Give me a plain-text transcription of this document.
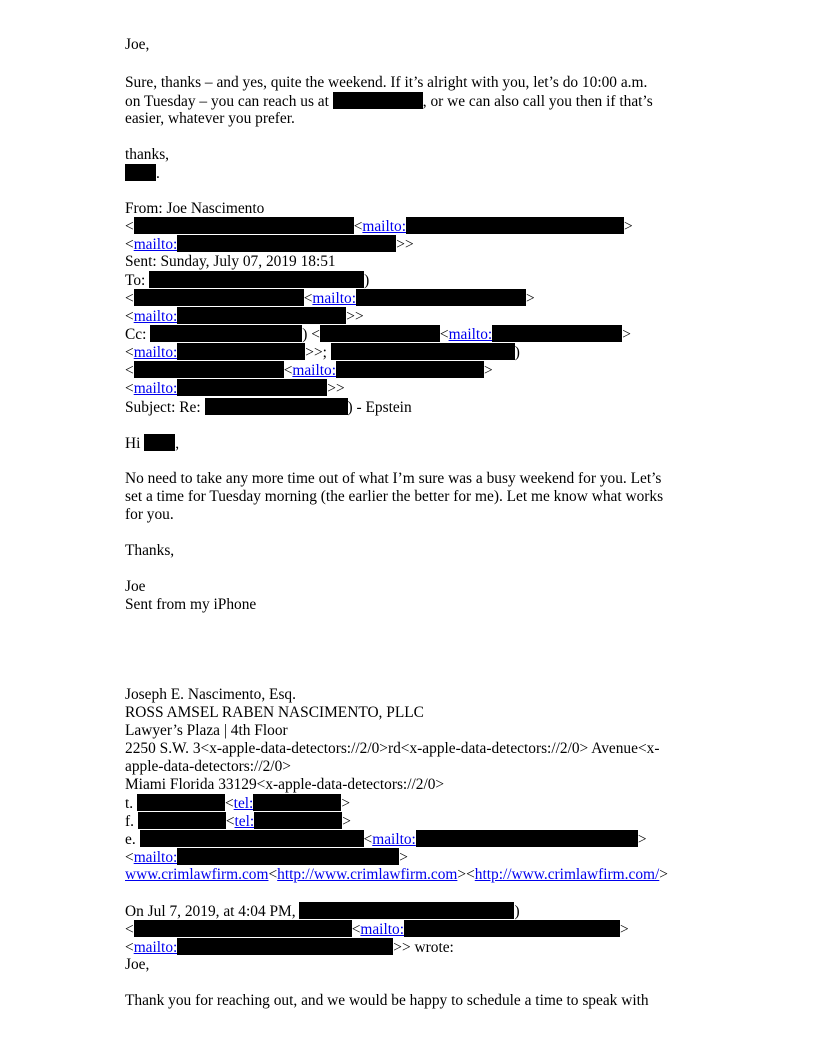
Joe,
Sure, thanks – and yes, quite the weekend. If it’s alright with you, let’s do 10:00 a.m.
on Tuesday – you can reach us at	, or we can also call you then if that’s
easier, whatever you prefer.
thanks,
.
From: Joe Nascimento
<	<mailto:	>
<mailto:	>>
Sent: Sunday, July 07, 2019 18:51
To:	)
<	<mailto:	>
<mailto:	>>
Cc:	) <	<mailto:	>
<mailto:	>>;	)
<	<mailto:	>
<mailto:	>>
Subject: Re:	) - Epstein
Hi ,
No need to take any more time out of what I’m sure was a busy weekend for you. Let’s
set a time for Tuesday morning (the earlier the better for me). Let me know what works
for you.
Thanks,
Joe
Sent from my iPhone
Joseph E. Nascimento, Esq.
ROSS AMSEL RABEN NASCIMENTO, PLLC
Lawyer’s Plaza | 4th Floor
2250 S.W. 3<x-apple-data-detectors://2/0>rd<x-apple-data-detectors://2/0> Avenue<x-
apple-data-detectors://2/0>
Miami Florida 33129<x-apple-data-detectors://2/0>
t.	<tel:	>
f.	<tel:	>
e.	<mailto:	>
<mailto:	>
www.crimlawfirm.com<http://www.crimlawfirm.com><http://www.crimlawfirm.com/>
On Jul 7, 2019, at 4:04 PM,	)
<	<mailto:	>
<mailto:	>> wrote:
Joe,
Thank you for reaching out, and we would be happy to schedule a time to speak with
